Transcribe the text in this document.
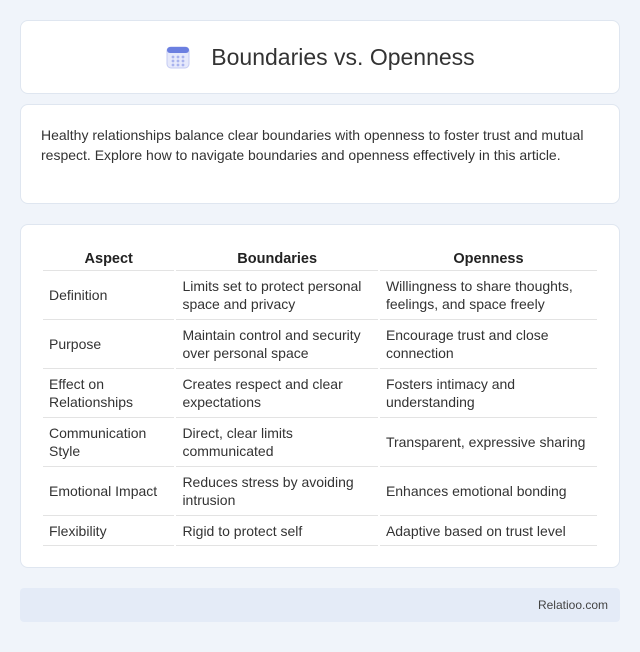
Boundaries vs. Openness

Healthy relationships balance clear boundaries with openness to foster trust and mutual respect. Explore how to navigate boundaries and openness effectively in this article.

Aspect	Boundaries	Openness
Definition	Limits set to protect personal space and privacy	Willingness to share thoughts, feelings, and space freely
Purpose	Maintain control and security over personal space	Encourage trust and close connection
Effect on Relationships	Creates respect and clear expectations	Fosters intimacy and understanding
Communication Style	Direct, clear limits communicated	Transparent, expressive sharing
Emotional Impact	Reduces stress by avoiding intrusion	Enhances emotional bonding
Flexibility	Rigid to protect self	Adaptive based on trust level
Relatioo.com
